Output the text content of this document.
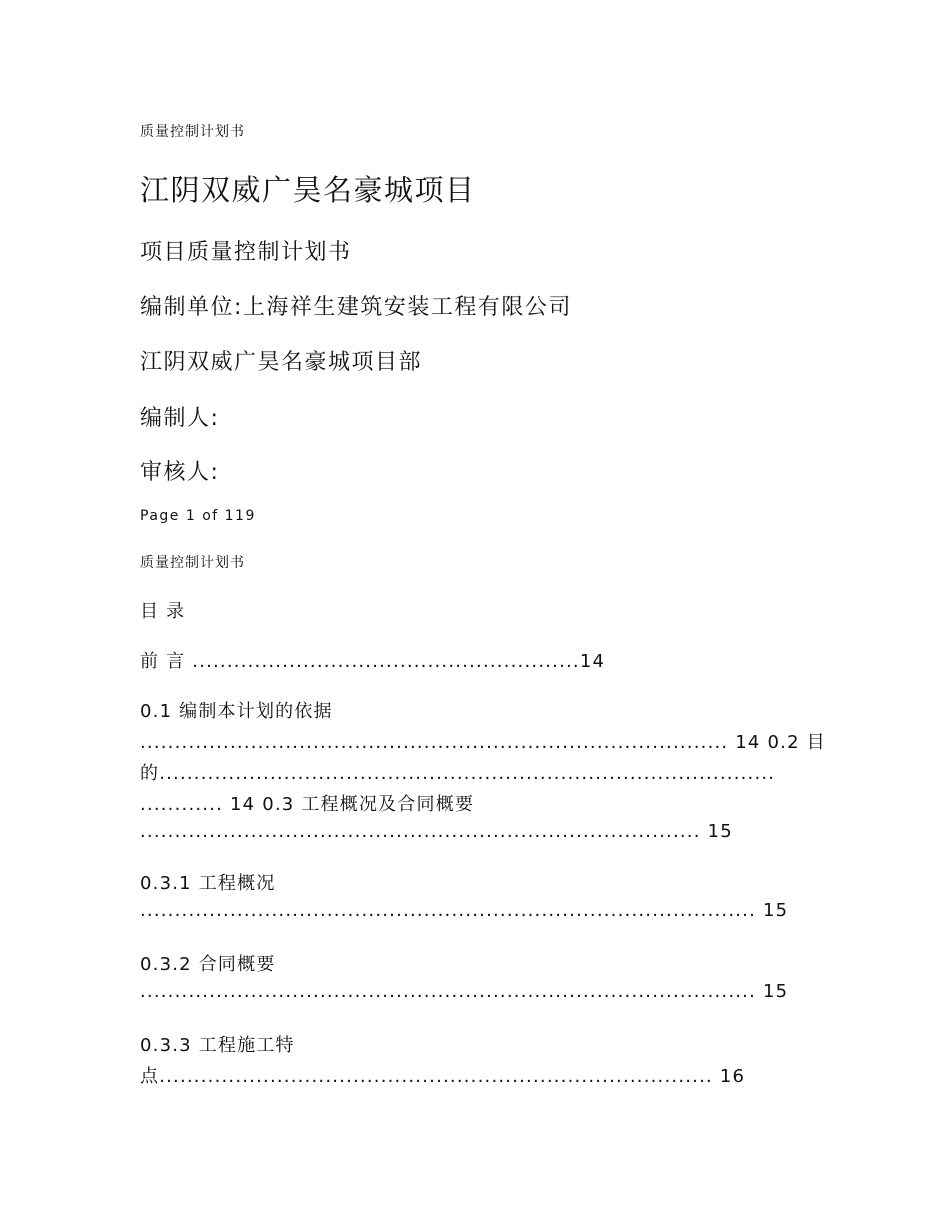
质量控制计划书
江阴双威广昊名豪城项目
项目质量控制计划书
编制单位:上海祥生建筑安装工程有限公司
江阴双威广昊名豪城项目部
编制人:
审核人:
Page 1 of 119
质量控制计划书
目 录
前 言 ........................................................14
0.1 编制本计划的依据
..................................................................................... 14 0.2 目
的.........................................................................................
............ 14 0.3 工程概况及合同概要
................................................................................. 15
0.3.1 工程概况
......................................................................................... 15
0.3.2 合同概要
......................................................................................... 15
0.3.3 工程施工特
点................................................................................ 16
